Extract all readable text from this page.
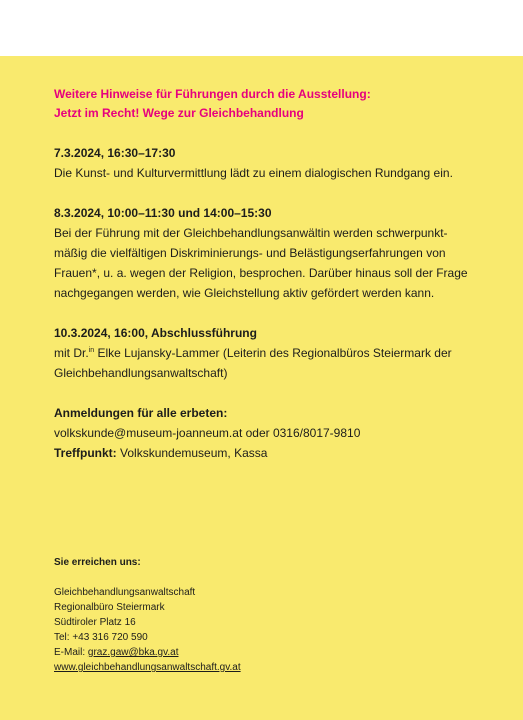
Weitere Hinweise für Führungen durch die Ausstellung:
Jetzt im Recht! Wege zur Gleichbehandlung
7.3.2024, 16:30–17:30
Die Kunst- und Kulturvermittlung lädt zu einem dialogischen Rundgang ein.
8.3.2024, 10:00–11:30 und 14:00–15:30
Bei der Führung mit der Gleichbehandlungsanwältin werden schwerpunkt-
mäßig die vielfältigen Diskriminierungs- und Belästigungserfahrungen von
Frauen*, u. a. wegen der Religion, besprochen. Darüber hinaus soll der Frage
nachgegangen werden, wie Gleichstellung aktiv gefördert werden kann.
10.3.2024, 16:00, Abschlussführung
mit Dr.$^{in}$ Elke Lujansky-Lammer (Leiterin des Regionalbüros Steiermark der
Gleichbehandlungsanwaltschaft)
Anmeldungen für alle erbeten:
volkskunde@museum-joanneum.at oder 0316/8017-9810
Treffpunkt: Volkskundemuseum, Kassa
Sie erreichen uns:
Gleichbehandlungsanwaltschaft
Regionalbüro Steiermark
Südtiroler Platz 16
Tel: +43 316 720 590
E-Mail: graz.gaw@bka.gv.at
www.gleichbehandlungsanwaltschaft.gv.at
